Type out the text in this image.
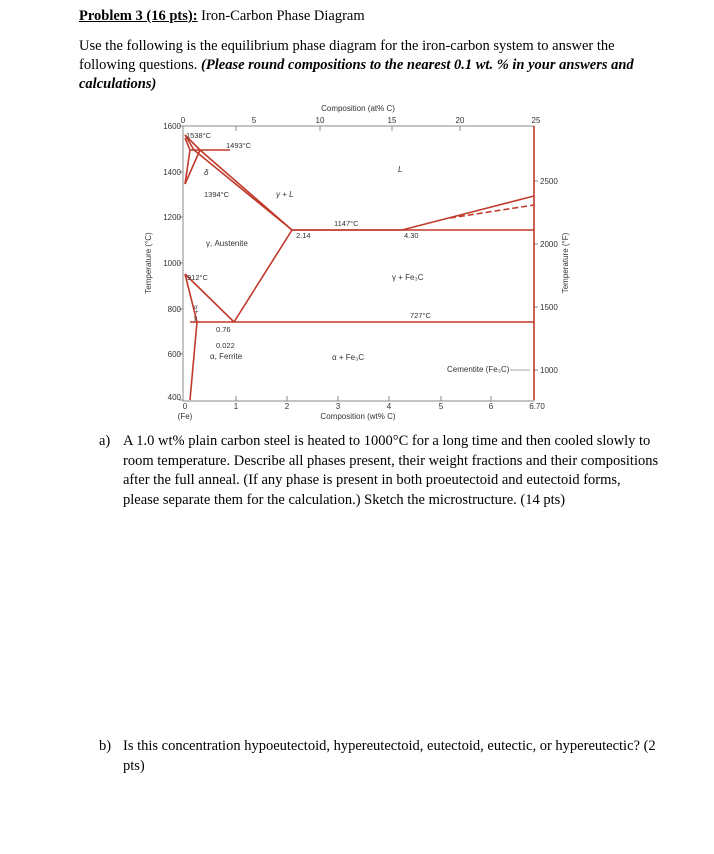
Problem 3 (16 pts): Iron-Carbon Phase Diagram

Use the following is the equilibrium phase diagram for the iron-carbon system to answer the following questions. (Please round compositions to the nearest 0.1 wt. % in your answers and calculations)

1600
1400
1200
1000
800
600
400
Temperature (°C)
2500
2000
1500
1000
Temperature (°F)
Composition (at% C)
0	5	10	15	20	25
0	1	2	3	4	5	6	6.70
(Fe)	Composition (wt% C)
1538°C
1493°C
1394°C
1147°C
912°C
727°C
2.14	4.30
0.76
0.022
L
γ + L
γ, Austenite
γ + Fe₃C
α + Fe₃C
α, Ferrite
Cementite (Fe₃C)
δ
α
+
γ
a) A 1.0 wt% plain carbon steel is heated to 1000°C for a long time and then cooled slowly to room temperature. Describe all phases present, their weight fractions and their compositions after the full anneal. (If any phase is present in both proeutectoid and eutectoid forms, please separate them for the calculation.) Sketch the microstructure. (14 pts)
b) Is this concentration hypoeutectoid, hypereutectoid, eutectoid, eutectic, or hypereutectic? (2 pts)
